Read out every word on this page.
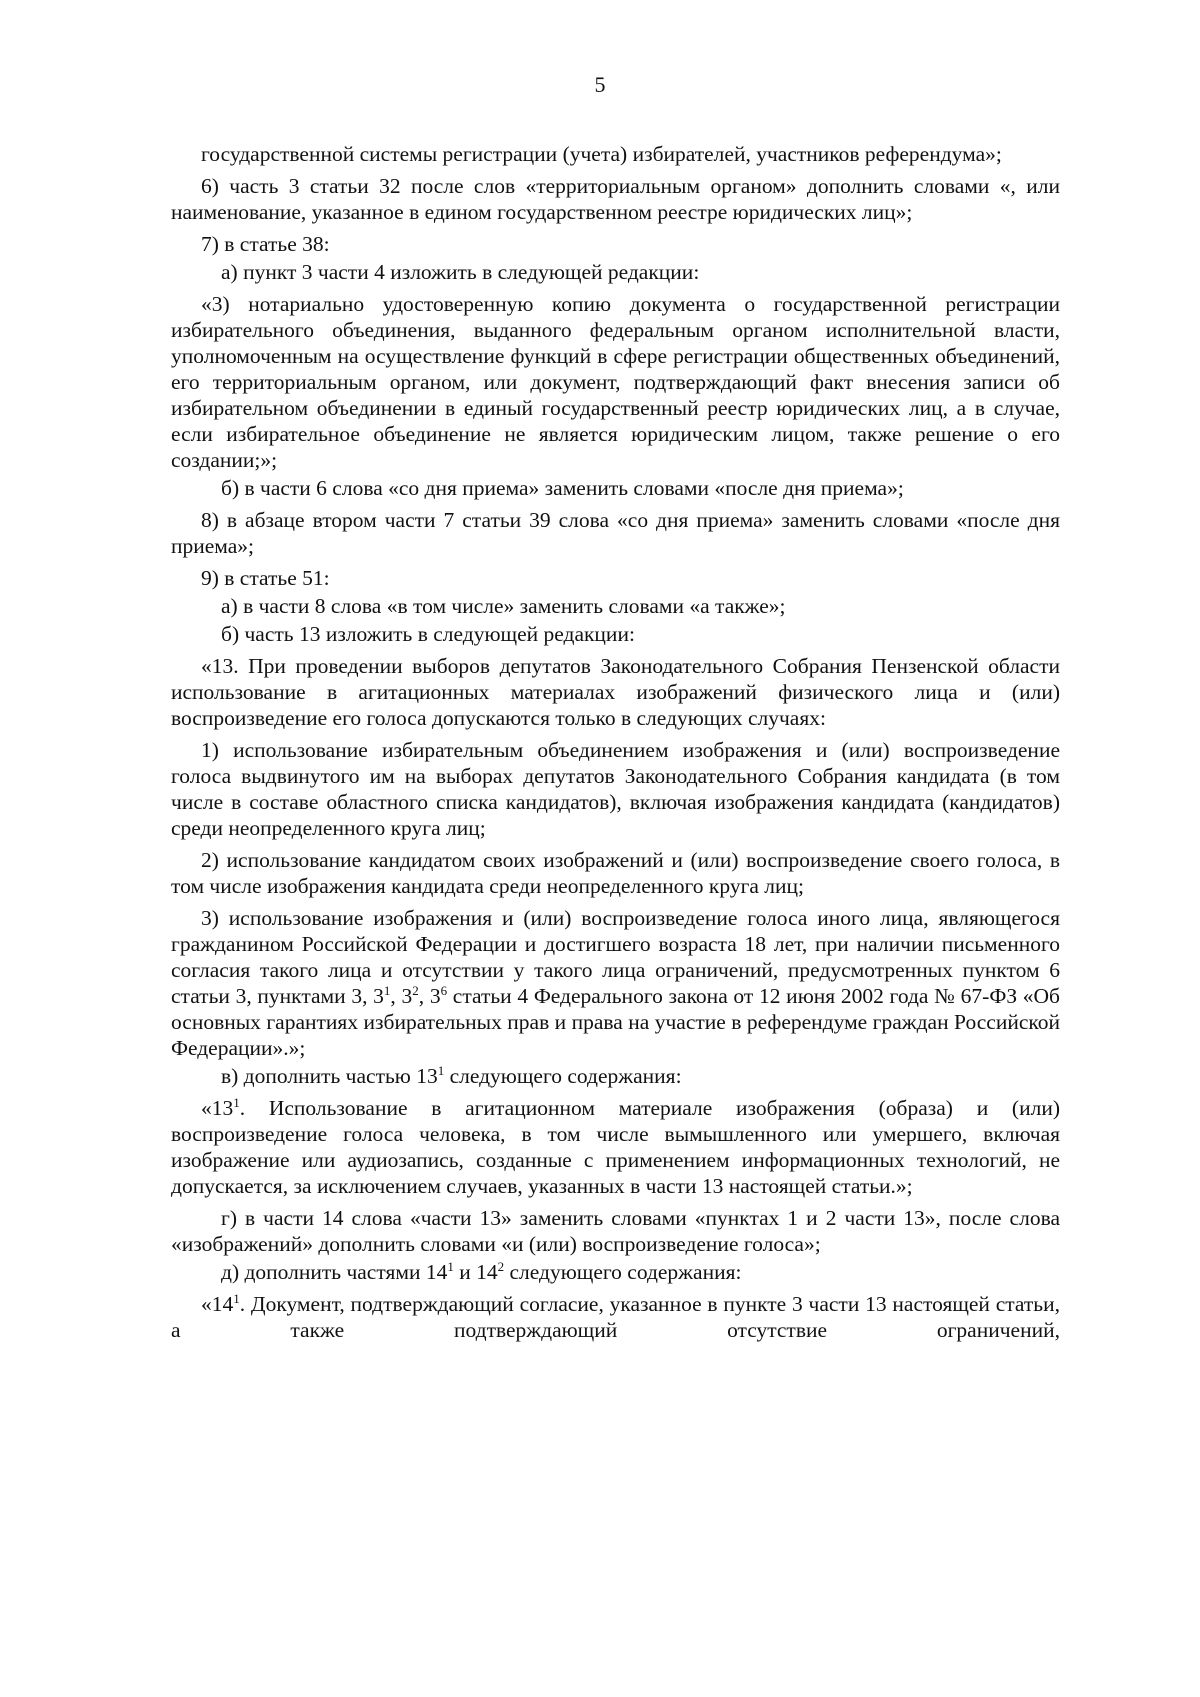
5

государственной системы регистрации (учета) избирателей, участников референдума»;

6) часть 3 статьи 32 после слов «территориальным органом» дополнить словами «, или наименование, указанное в едином государственном реестре юридических лиц»;

7) в статье 38:

а) пункт 3 части 4 изложить в следующей редакции:

«3) нотариально удостоверенную копию документа о государственной регистрации избирательного объединения, выданного федеральным органом исполнительной власти, уполномоченным на осуществление функций в сфере регистрации общественных объединений, его территориальным органом, или документ, подтверждающий факт внесения записи об избирательном объединении в единый государственный реестр юридических лиц, а в случае, если избирательное объединение не является юридическим лицом, также решение о его создании;»;

б) в части 6 слова «со дня приема» заменить словами «после дня приема»;

8) в абзаце втором части 7 статьи 39 слова «со дня приема» заменить словами «после дня приема»;

9) в статье 51:

а) в части 8 слова «в том числе» заменить словами «а также»;

б) часть 13 изложить в следующей редакции:

«13. При проведении выборов депутатов Законодательного Собрания Пензенской области использование в агитационных материалах изображений физического лица и (или) воспроизведение его голоса допускаются только в следующих случаях:

1) использование избирательным объединением изображения и (или) воспроизведение голоса выдвинутого им на выборах депутатов Законодательного Собрания кандидата (в том числе в составе областного списка кандидатов), включая изображения кандидата (кандидатов) среди неопределенного круга лиц;

2) использование кандидатом своих изображений и (или) воспроизведение своего голоса, в том числе изображения кандидата среди неопределенного круга лиц;

3) использование изображения и (или) воспроизведение голоса иного лица, являющегося гражданином Российской Федерации и достигшего возраста 18 лет, при наличии письменного согласия такого лица и отсутствии у такого лица ограничений, предусмотренных пунктом 6 статьи 3, пунктами 3, $3^1$, $3^2$, $3^6$ статьи 4 Федерального закона от 12 июня 2002 года № 67-ФЗ «Об основных гарантиях избирательных прав и права на участие в референдуме граждан Российской Федерации».»;

в) дополнить частью $13^1$ следующего содержания:

«$13^1$. Использование в агитационном материале изображения (образа) и (или) воспроизведение голоса человека, в том числе вымышленного или умершего, включая изображение или аудиозапись, созданные с применением информационных технологий, не допускается, за исключением случаев, указанных в части 13 настоящей статьи.»;

г) в части 14 слова «части 13» заменить словами «пунктах 1 и 2 части 13», после слова «изображений» дополнить словами «и (или) воспроизведение голоса»;

д) дополнить частями $14^1$ и $14^2$ следующего содержания:

«$14^1$. Документ, подтверждающий согласие, указанное в пункте 3 части 13 настоящей статьи, а также подтверждающий отсутствие ограничений,
